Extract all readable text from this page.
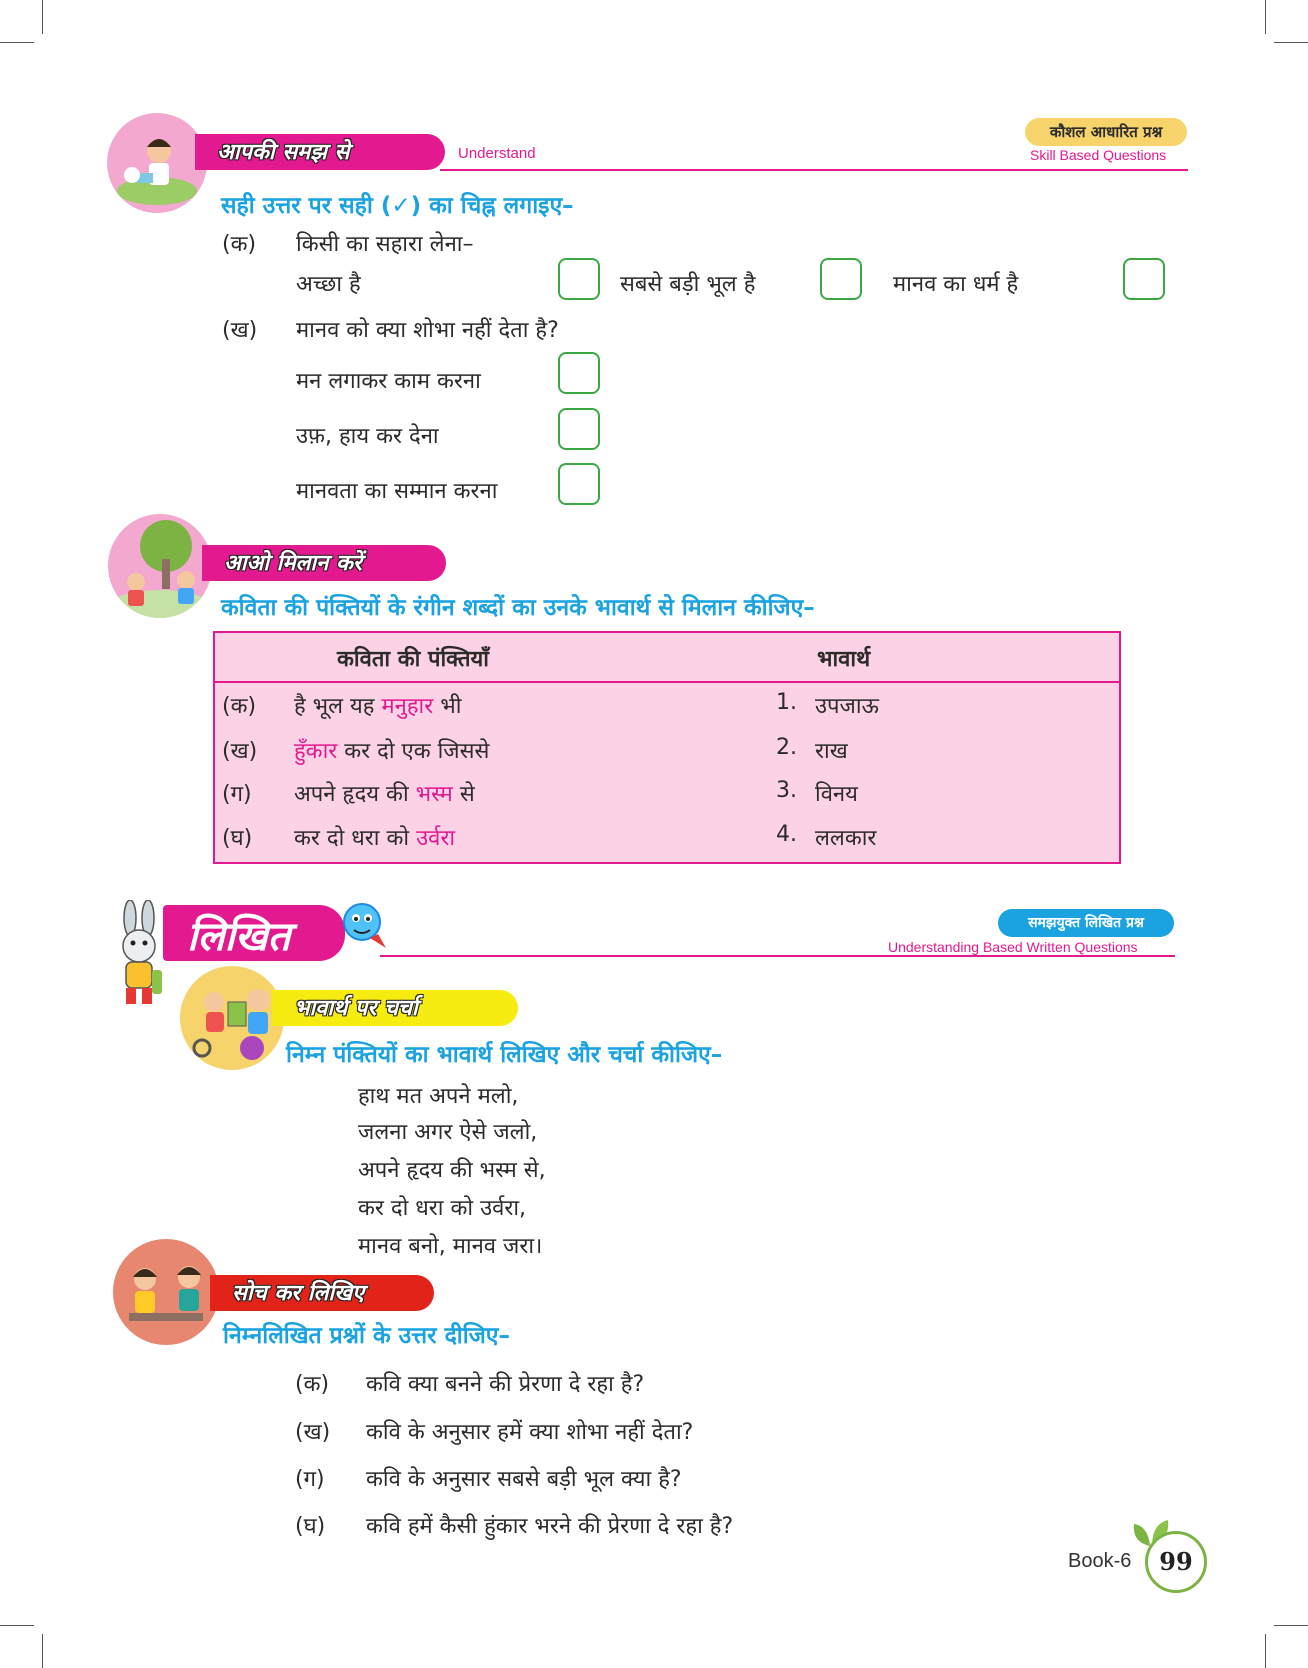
आपकी समझ से	Understand
कौशल आधारित प्रश्न
Skill Based Questions
सही उत्तर पर सही (✓) का चिह्न लगाइए–
(क) किसी का सहारा लेना–
अच्छा है	सबसे बड़ी भूल है	मानव का धर्म है
(ख) मानव को क्या शोभा नहीं देता है?
मन लगाकर काम करना
उफ़, हाय कर देना
मानवता का सम्मान करना
आओ मिलान करें
कविता की पंक्तियों के रंगीन शब्दों का उनके भावार्थ से मिलान कीजिए–
कविता की पंक्तियाँ	भावार्थ
(क) है भूल यह मनुहार भी	1. उपजाऊ
(ख) हुँकार कर दो एक जिससे	2. राख
(ग) अपने हृदय की भस्म से	3. विनय
(घ) कर दो धरा को उर्वरा	4. ललकार
लिखित	समझयुक्त लिखित प्रश्न
Understanding Based Written Questions
भावार्थ पर चर्चा
निम्न पंक्तियों का भावार्थ लिखिए और चर्चा कीजिए–
हाथ मत अपने मलो,
जलना अगर ऐसे जलो,
अपने हृदय की भस्म से,
कर दो धरा को उर्वरा,
मानव बनो, मानव जरा।
सोच कर लिखिए
निम्नलिखित प्रश्नों के उत्तर दीजिए–
(क) कवि क्या बनने की प्रेरणा दे रहा है?
(ख) कवि के अनुसार हमें क्या शोभा नहीं देता?
(ग) कवि के अनुसार सबसे बड़ी भूल क्या है?
(घ) कवि हमें कैसी हुंकार भरने की प्रेरणा दे रहा है?
Book-6	99
